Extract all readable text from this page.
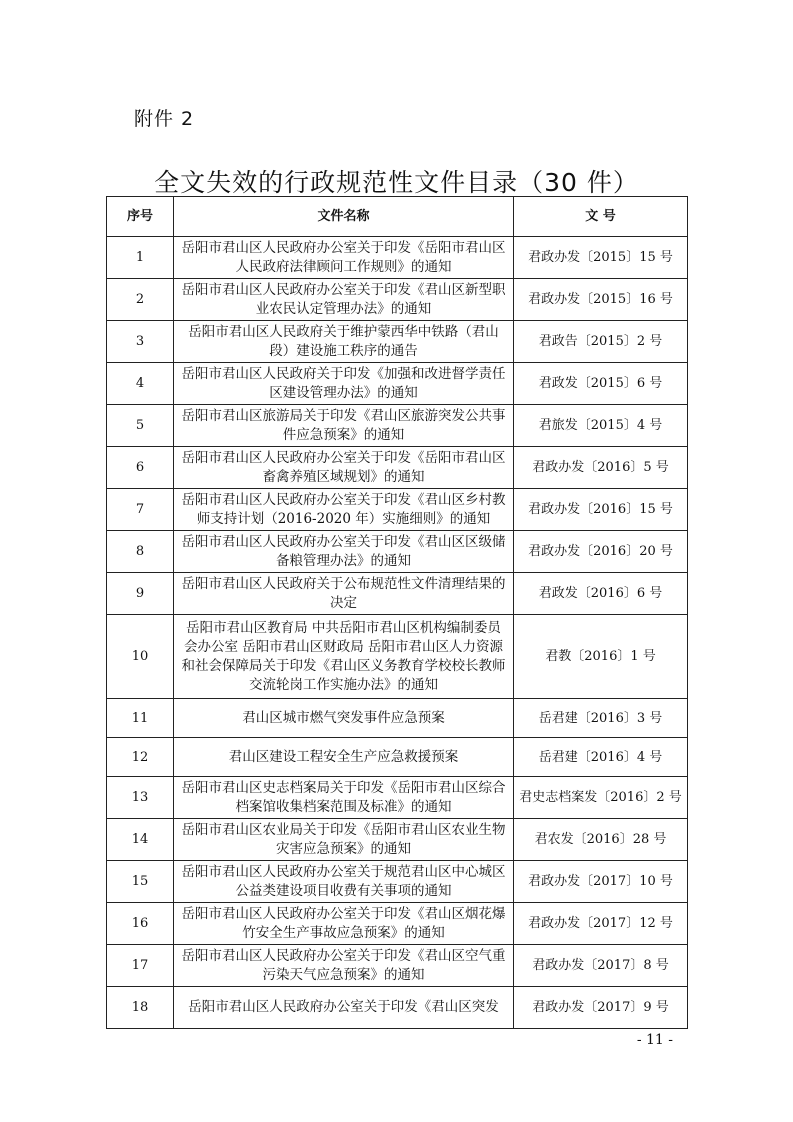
附件 2
全文失效的行政规范性文件目录（30 件）
序号	文件名称	文 号
1	岳阳市君山区人民政府办公室关于印发《岳阳市君山区人民政府法律顾问工作规则》的通知	君政办发〔2015〕15 号
2	岳阳市君山区人民政府办公室关于印发《君山区新型职业农民认定管理办法》的通知	君政办发〔2015〕16 号
3	岳阳市君山区人民政府关于维护蒙西华中铁路（君山段）建设施工秩序的通告	君政告〔2015〕2 号
4	岳阳市君山区人民政府关于印发《加强和改进督学责任区建设管理办法》的通知	君政发〔2015〕6 号
5	岳阳市君山区旅游局关于印发《君山区旅游突发公共事件应急预案》的通知	君旅发〔2015〕4 号
6	岳阳市君山区人民政府办公室关于印发《岳阳市君山区畜禽养殖区域规划》的通知	君政办发〔2016〕5 号
7	岳阳市君山区人民政府办公室关于印发《君山区乡村教师支持计划（2016-2020 年）实施细则》的通知	君政办发〔2016〕15 号
8	岳阳市君山区人民政府办公室关于印发《君山区区级储备粮管理办法》的通知	君政办发〔2016〕20 号
9	岳阳市君山区人民政府关于公布规范性文件清理结果的决定	君政发〔2016〕6 号
10	岳阳市君山区教育局 中共岳阳市君山区机构编制委员会办公室 岳阳市君山区财政局 岳阳市君山区人力资源和社会保障局关于印发《君山区义务教育学校校长教师交流轮岗工作实施办法》的通知	君教〔2016〕1 号
11	君山区城市燃气突发事件应急预案	岳君建〔2016〕3 号
12	君山区建设工程安全生产应急救援预案	岳君建〔2016〕4 号
13	岳阳市君山区史志档案局关于印发《岳阳市君山区综合档案馆收集档案范围及标准》的通知	君史志档案发〔2016〕2 号
14	岳阳市君山区农业局关于印发《岳阳市君山区农业生物灾害应急预案》的通知	君农发〔2016〕28 号
15	岳阳市君山区人民政府办公室关于规范君山区中心城区公益类建设项目收费有关事项的通知	君政办发〔2017〕10 号
16	岳阳市君山区人民政府办公室关于印发《君山区烟花爆竹安全生产事故应急预案》的通知	君政办发〔2017〕12 号
17	岳阳市君山区人民政府办公室关于印发《君山区空气重污染天气应急预案》的通知	君政办发〔2017〕8 号
18	岳阳市君山区人民政府办公室关于印发《君山区突发	君政办发〔2017〕9 号
- 11 -
